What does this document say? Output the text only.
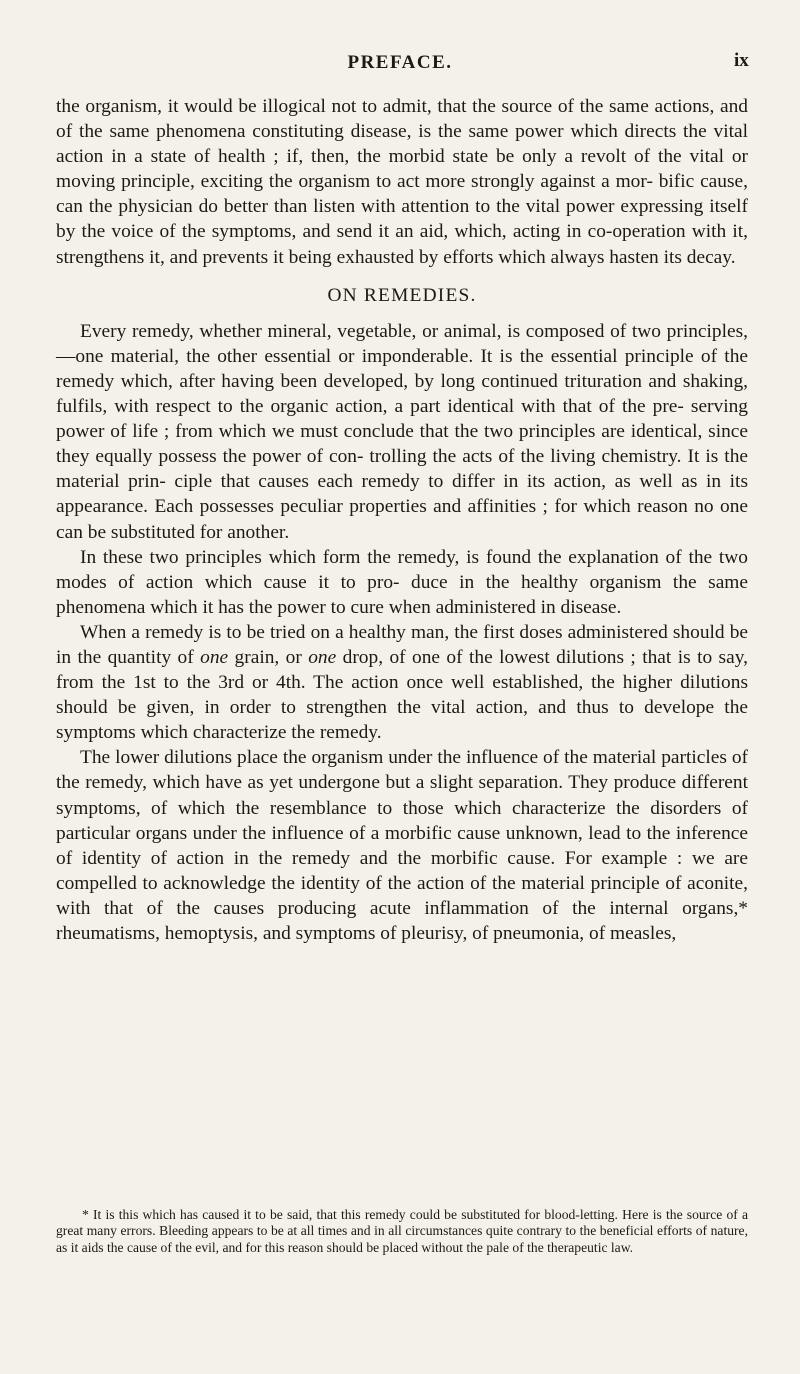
PREFACE.	ix

the organism, it would be illogical not to admit, that the source of the same actions, and of the same phenomena constituting disease, is the same power which directs the vital action in a state of health ; if, then, the morbid state be only a revolt of the vital or moving principle, exciting the organism to act more strongly against a mor- bific cause, can the physician do better than listen with attention to the vital power expressing itself by the voice of the symptoms, and send it an aid, which, acting in co-operation with it, strengthens it, and prevents it being exhausted by efforts which always hasten its decay.

ON REMEDIES.

Every remedy, whether mineral, vegetable, or animal, is composed of two principles,—one material, the other essential or imponderable. It is the essential principle of the remedy which, after having been developed, by long continued trituration and shaking, fulfils, with respect to the organic action, a part identical with that of the pre- serving power of life ; from which we must conclude that the two principles are identical, since they equally possess the power of con- trolling the acts of the living chemistry. It is the material prin- ciple that causes each remedy to differ in its action, as well as in its appearance. Each possesses peculiar properties and affinities ; for which reason no one can be substituted for another.

In these two principles which form the remedy, is found the explanation of the two modes of action which cause it to pro- duce in the healthy organism the same phenomena which it has the power to cure when administered in disease.

When a remedy is to be tried on a healthy man, the first doses administered should be in the quantity of one grain, or one drop, of one of the lowest dilutions ; that is to say, from the 1st to the 3rd or 4th. The action once well established, the higher dilutions should be given, in order to strengthen the vital action, and thus to develope the symptoms which characterize the remedy.

The lower dilutions place the organism under the influence of the material particles of the remedy, which have as yet undergone but a slight separation. They produce different symptoms, of which the resemblance to those which characterize the disorders of particular organs under the influence of a morbific cause unknown, lead to the inference of identity of action in the remedy and the morbific cause. For example : we are compelled to acknowledge the identity of the action of the material principle of aconite, with that of the causes producing acute inflammation of the internal organs,* rheumatisms, hemoptysis, and symptoms of pleurisy, of pneumonia, of measles,

* It is this which has caused it to be said, that this remedy could be substituted for blood-letting. Here is the source of a great many errors. Bleeding appears to be at all times and in all circumstances quite contrary to the beneficial efforts of nature, as it aids the cause of the evil, and for this reason should be placed without the pale of the therapeutic law.
